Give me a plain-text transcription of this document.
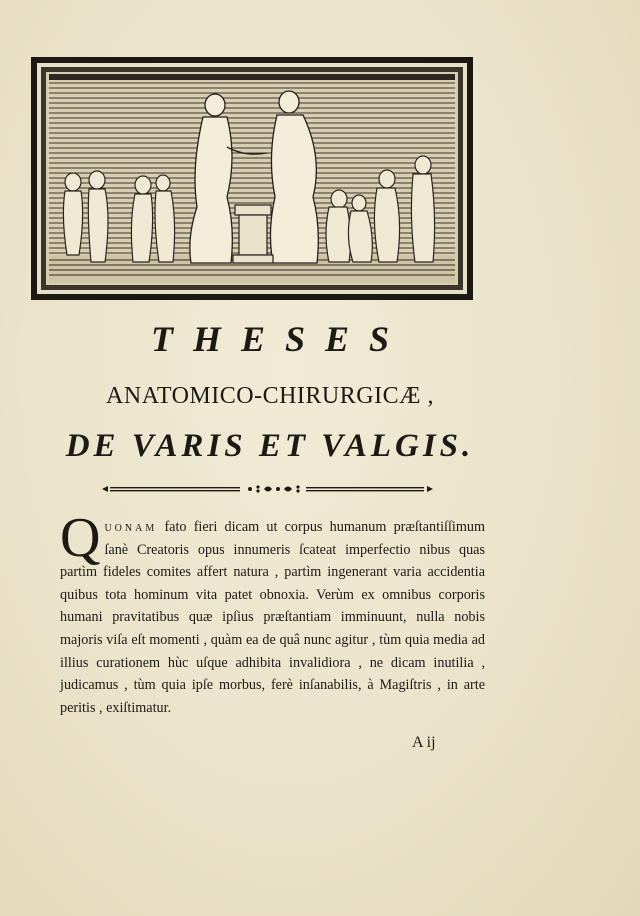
THESES
ANATOMICO-CHIRURGICÆ ,
DE VARIS ET VALGIS.
Quonam fato fieri dicam ut corpus humanum præſtantiſſimum ſanè Creatoris opus innumeris ſcateat imperfectio nibus quas partìm fideles comites affert natura , partìm ingenerant varia accidentia quibus tota hominum vita patet obnoxia. Verùm ex omnibus corporis humani pravitatibus quæ ipſius præſtantiam imminuunt, nulla nobis majoris viſa eſt momenti , quàm ea de quâ nunc agitur , tùm quia media ad illius curationem hùc uſque adhibita invalidiora , ne dicam inutilia , judicamus , tùm quia ipſe morbus, ferè inſanabilis, à Magiſtris , in arte peritis , exiſtimatur.
A ij
